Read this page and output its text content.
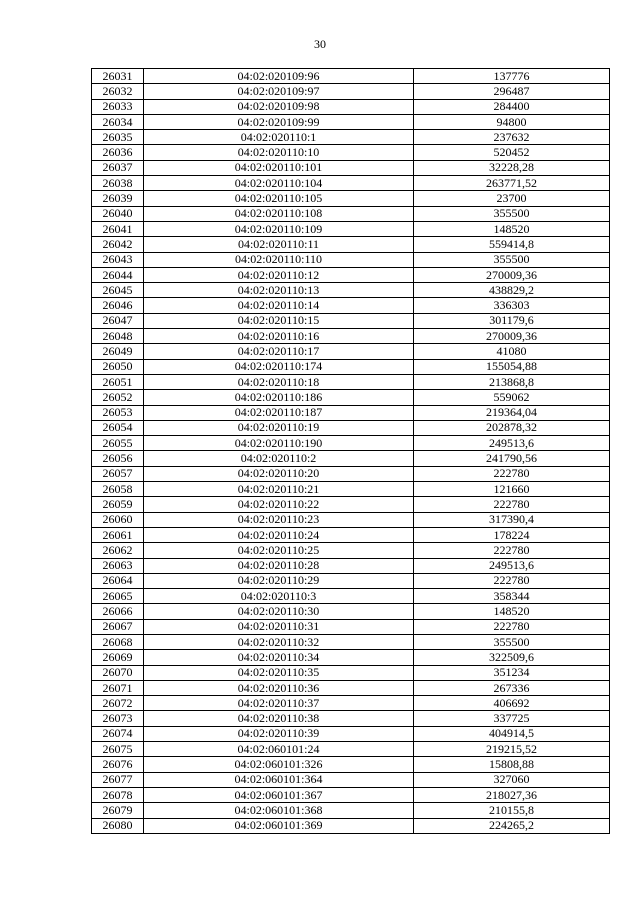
30
26031	04:02:020109:96	137776
26032	04:02:020109:97	296487
26033	04:02:020109:98	284400
26034	04:02:020109:99	94800
26035	04:02:020110:1	237632
26036	04:02:020110:10	520452
26037	04:02:020110:101	32228,28
26038	04:02:020110:104	263771,52
26039	04:02:020110:105	23700
26040	04:02:020110:108	355500
26041	04:02:020110:109	148520
26042	04:02:020110:11	559414,8
26043	04:02:020110:110	355500
26044	04:02:020110:12	270009,36
26045	04:02:020110:13	438829,2
26046	04:02:020110:14	336303
26047	04:02:020110:15	301179,6
26048	04:02:020110:16	270009,36
26049	04:02:020110:17	41080
26050	04:02:020110:174	155054,88
26051	04:02:020110:18	213868,8
26052	04:02:020110:186	559062
26053	04:02:020110:187	219364,04
26054	04:02:020110:19	202878,32
26055	04:02:020110:190	249513,6
26056	04:02:020110:2	241790,56
26057	04:02:020110:20	222780
26058	04:02:020110:21	121660
26059	04:02:020110:22	222780
26060	04:02:020110:23	317390,4
26061	04:02:020110:24	178224
26062	04:02:020110:25	222780
26063	04:02:020110:28	249513,6
26064	04:02:020110:29	222780
26065	04:02:020110:3	358344
26066	04:02:020110:30	148520
26067	04:02:020110:31	222780
26068	04:02:020110:32	355500
26069	04:02:020110:34	322509,6
26070	04:02:020110:35	351234
26071	04:02:020110:36	267336
26072	04:02:020110:37	406692
26073	04:02:020110:38	337725
26074	04:02:020110:39	404914,5
26075	04:02:060101:24	219215,52
26076	04:02:060101:326	15808,88
26077	04:02:060101:364	327060
26078	04:02:060101:367	218027,36
26079	04:02:060101:368	210155,8
26080	04:02:060101:369	224265,2
